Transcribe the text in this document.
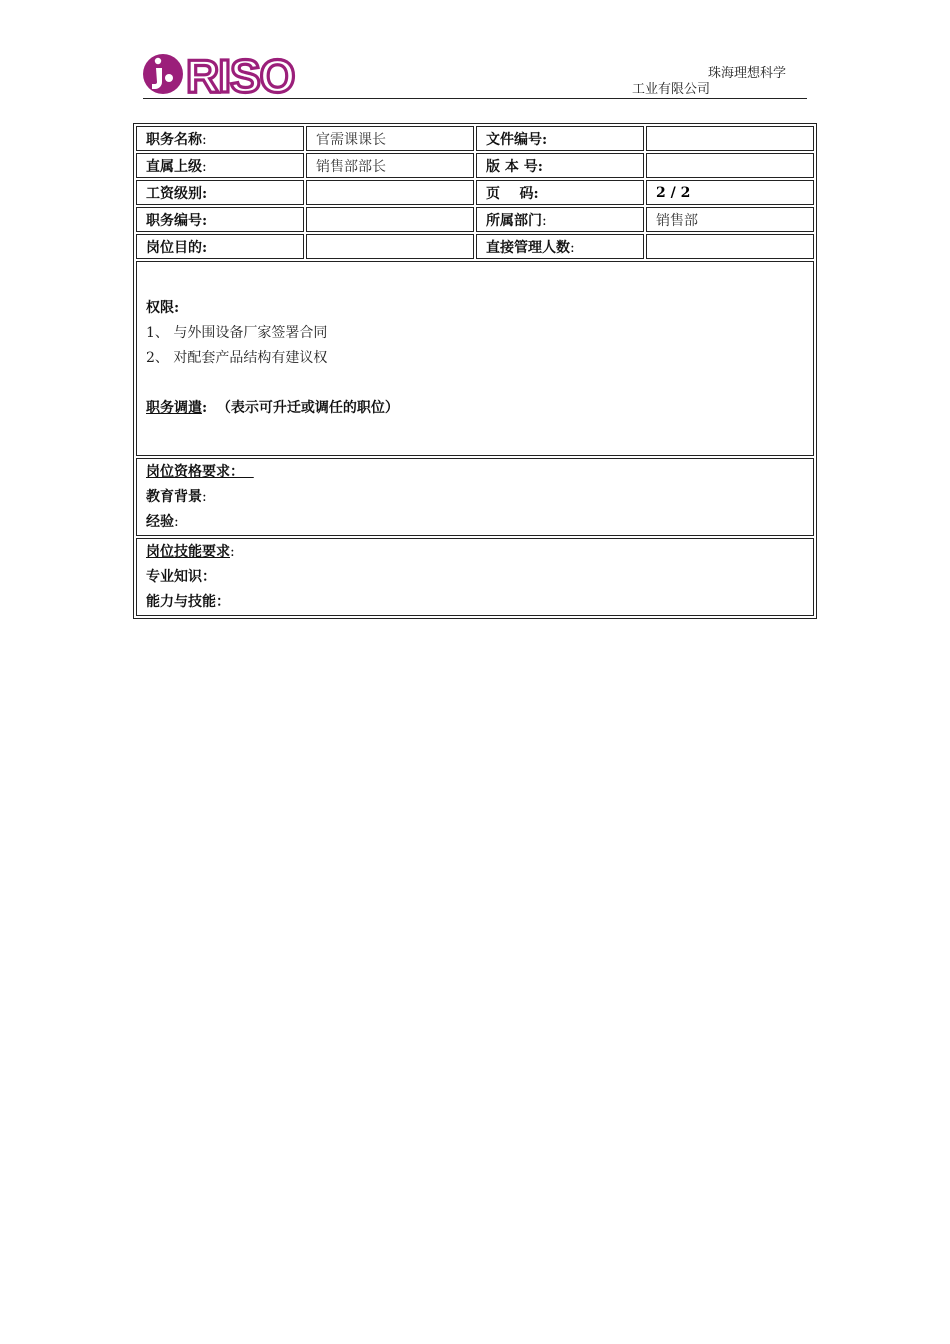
RISO	珠海理想科学
工业有限公司
职务名称:	官需课课长	文件编号:	
直属上级:	销售部部长	版 本 号:	
工资级别:		页    码:	2 / 2
职务编号:		所属部门:	销售部
岗位目的:		直接管理人数:	

权限:
1、 与外围设备厂家签署合同
2、 对配套产品结构有建议权
职务调遣:  （表示可升迁或调任的职位）			

岗位资格要求：
教育背景:
经验:			

岗位技能要求:
专业知识：
能力与技能：			
